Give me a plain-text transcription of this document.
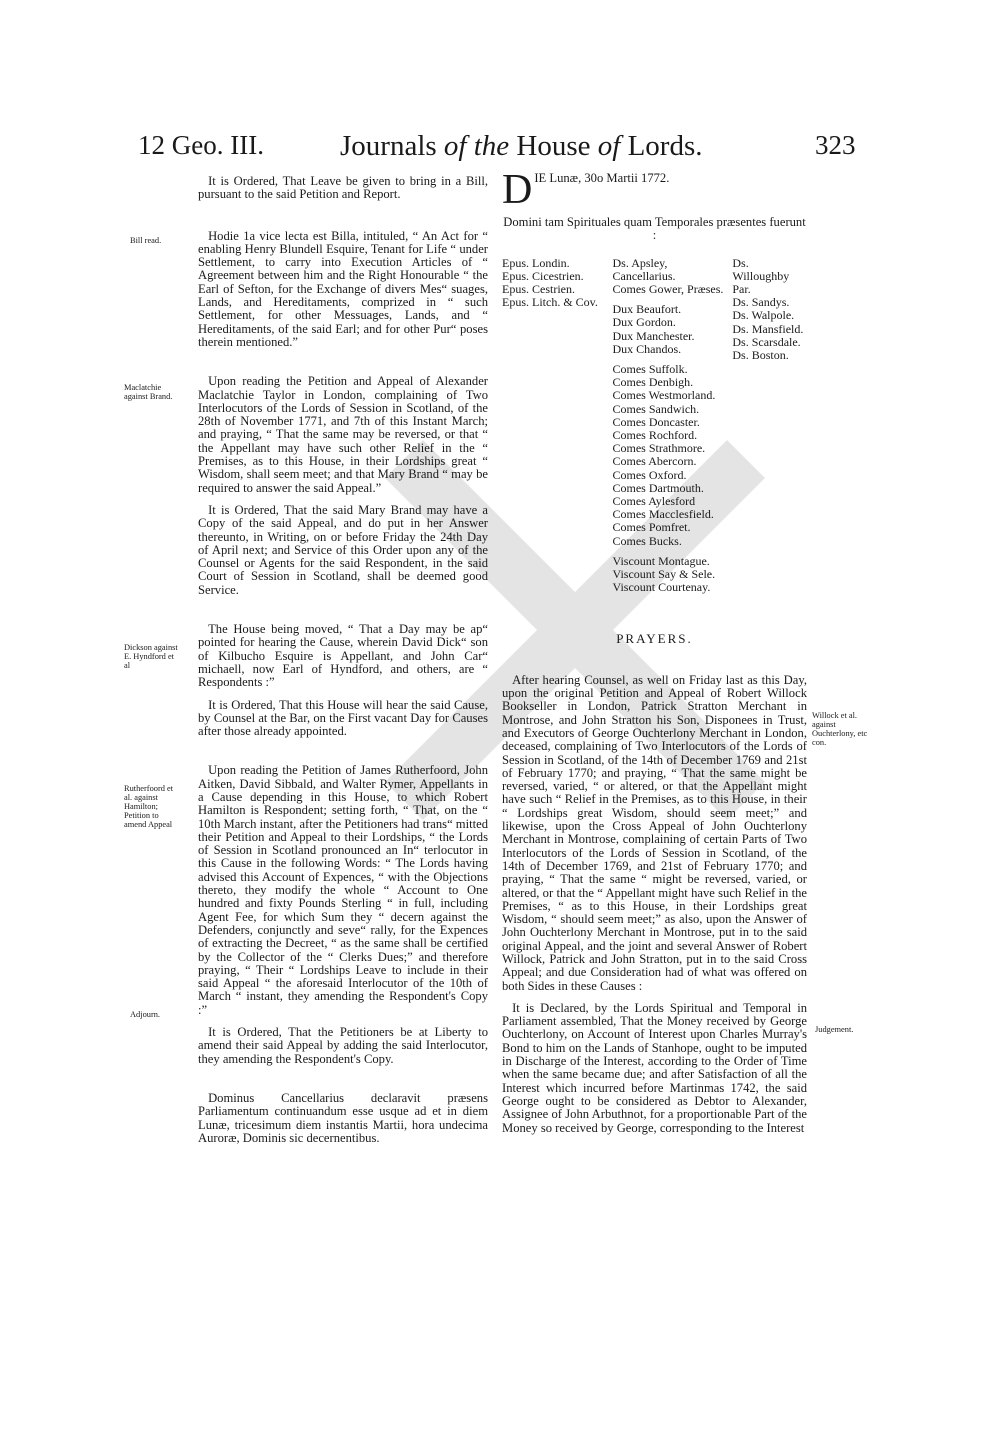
12 Geo. III.	Journals of the House of Lords.	323
Bill read.
Maclatchie against Brand.
Dickson against E. Hyndford et al
Rutherfoord et al. against Hamilton; Petition to amend Appeal
Adjourn.
Willock et al. against Ouchterlony, etc con.
Judgement.

It is Ordered, That Leave be given to bring in a Bill, pursuant to the said Petition and Report.

Hodie 1a vice lecta est Billa, intituled, “ An Act for “ enabling Henry Blundell Esquire, Tenant for Life “ under Settlement, to carry into Execution Articles of “ Agreement between him and the Right Honourable “ the Earl of Sefton, for the Exchange of divers Mes“ suages, Lands, and Hereditaments, comprized in “ such Settlement, for other Messuages, Lands, and “ Hereditaments, of the said Earl; and for other Pur“ poses therein mentioned.”

Upon reading the Petition and Appeal of Alexander Maclatchie Taylor in London, complaining of Two Interlocutors of the Lords of Session in Scotland, of the 28th of November 1771, and 7th of this Instant March; and praying, “ That the same may be reversed, or that “ the Appellant may have such other Relief in the “ Premises, as to this House, in their Lordships great “ Wisdom, shall seem meet; and that Mary Brand “ may be required to answer the said Appeal.”

It is Ordered, That the said Mary Brand may have a Copy of the said Appeal, and do put in her Answer thereunto, in Writing, on or before Friday the 24th Day of April next; and Service of this Order upon any of the Counsel or Agents for the said Respondent, in the said Court of Session in Scotland, shall be deemed good Service.

The House being moved, “ That a Day may be ap“ pointed for hearing the Cause, wherein David Dick“ son of Kilbucho Esquire is Appellant, and John Car“ michaell, now Earl of Hyndford, and others, are “ Respondents :”

It is Ordered, That this House will hear the said Cause, by Counsel at the Bar, on the First vacant Day for Causes after those already appointed.

Upon reading the Petition of James Rutherfoord, John Aitken, David Sibbald, and Walter Rymer, Appellants in a Cause depending in this House, to which Robert Hamilton is Respondent; setting forth, “ That, on the “ 10th March instant, after the Petitioners had trans“ mitted their Petition and Appeal to their Lordships, “ the Lords of Session in Scotland pronounced an In“ terlocutor in this Cause in the following Words: “ The Lords having advised this Account of Expences, “ with the Objections thereto, they modify the whole “ Account to One hundred and fixty Pounds Sterling “ in full, including Agent Fee, for which Sum they “ decern against the Defenders, conjunctly and seve“ rally, for the Expences of extracting the Decreet, “ as the same shall be certified by the Collector of the “ Clerks Dues;” and therefore praying, “ Their “ Lordships Leave to include in their said Appeal “ the aforesaid Interlocutor of the 10th of March “ instant, they amending the Respondent's Copy :”

It is Ordered, That the Petitioners be at Liberty to amend their said Appeal by adding the said Interlocutor, they amending the Respondent's Copy.

Dominus Cancellarius declaravit præsens Parliamentum continuandum esse usque ad et in diem Lunæ, tricesimum diem instantis Martii, hora undecima Auroræ, Dominis sic decernentibus.

D IE Lunæ, 30o Martii 1772.

Domini tam Spirituales quam Temporales præsentes fuerunt :

Epus. Londin.
Epus. Cicestrien.
Epus. Cestrien.
Epus. Litch. & Cov.
Ds. Apsley, Cancellarius.
Comes Gower, Præses.
Dux Beaufort.
Dux Gordon.
Dux Manchester.
Dux Chandos.
Comes Suffolk.
Comes Denbigh.
Comes Westmorland.
Comes Sandwich.
Comes Doncaster.
Comes Rochford.
Comes Strathmore.
Comes Abercorn.
Comes Oxford.
Comes Dartmouth.
Comes Aylesford
Comes Macclesfield.
Comes Pomfret.
Comes Bucks.
Viscount Montague.
Viscount Say & Sele.
Viscount Courtenay.
Ds. Willoughby Par.
Ds. Sandys.
Ds. Walpole.
Ds. Mansfield.
Ds. Scarsdale.
Ds. Boston.
PRAYERS.

After hearing Counsel, as well on Friday last as this Day, upon the original Petition and Appeal of Robert Willock Bookseller in London, Patrick Stratton Merchant in Montrose, and John Stratton his Son, Disponees in Trust, and Executors of George Ouchterlony Merchant in London, deceased, complaining of Two Interlocutors of the Lords of Session in Scotland, of the 14th of December 1769 and 21st of February 1770; and praying, “ That the same might be reversed, varied, “ or altered, or that the Appellant might have such “ Relief in the Premises, as to this House, in their “ Lordships great Wisdom, should seem meet;” and likewise, upon the Cross Appeal of John Ouchterlony Merchant in Montrose, complaining of certain Parts of Two Interlocutors of the Lords of Session in Scotland, of the 14th of December 1769, and 21st of February 1770; and praying, “ That the same “ might be reversed, varied, or altered, or that the “ Appellant might have such Relief in the Premises, “ as to this House, in their Lordships great Wisdom, “ should seem meet;” as also, upon the Answer of John Ouchterlony Merchant in Montrose, put in to the said original Appeal, and the joint and several Answer of Robert Willock, Patrick and John Stratton, put in to the said Cross Appeal; and due Consideration had of what was offered on both Sides in these Causes :

It is Declared, by the Lords Spiritual and Temporal in Parliament assembled, That the Money received by George Ouchterlony, on Account of Interest upon Charles Murray's Bond to him on the Lands of Stanhope, ought to be imputed in Discharge of the Interest, according to the Order of Time when the same became due; and after Satisfaction of all the Interest which incurred before Martinmas 1742, the said George ought to be considered as Debtor to Alexander, Assignee of John Arbuthnot, for a proportionable Part of the Money so received by George, corresponding to the Interest
